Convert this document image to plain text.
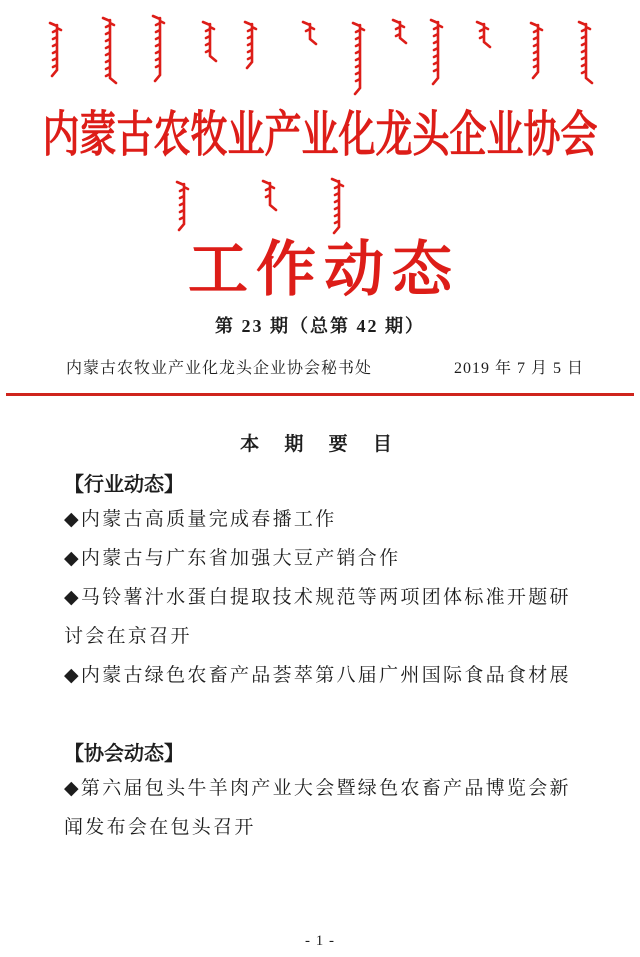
内蒙古农牧业产业化龙头企业协会
工作动态
第 23 期（总第 42 期）
内蒙古农牧业产业化龙头企业协会秘书处	2019 年 7 月 5 日
本 期 要 目
【行业动态】
◆内蒙古高质量完成春播工作
◆内蒙古与广东省加强大豆产销合作
◆马铃薯汁水蛋白提取技术规范等两项团体标准开题研讨会在京召开
◆内蒙古绿色农畜产品荟萃第八届广州国际食品食材展
【协会动态】
◆第六届包头牛羊肉产业大会暨绿色农畜产品博览会新闻发布会在包头召开
- 1 -
